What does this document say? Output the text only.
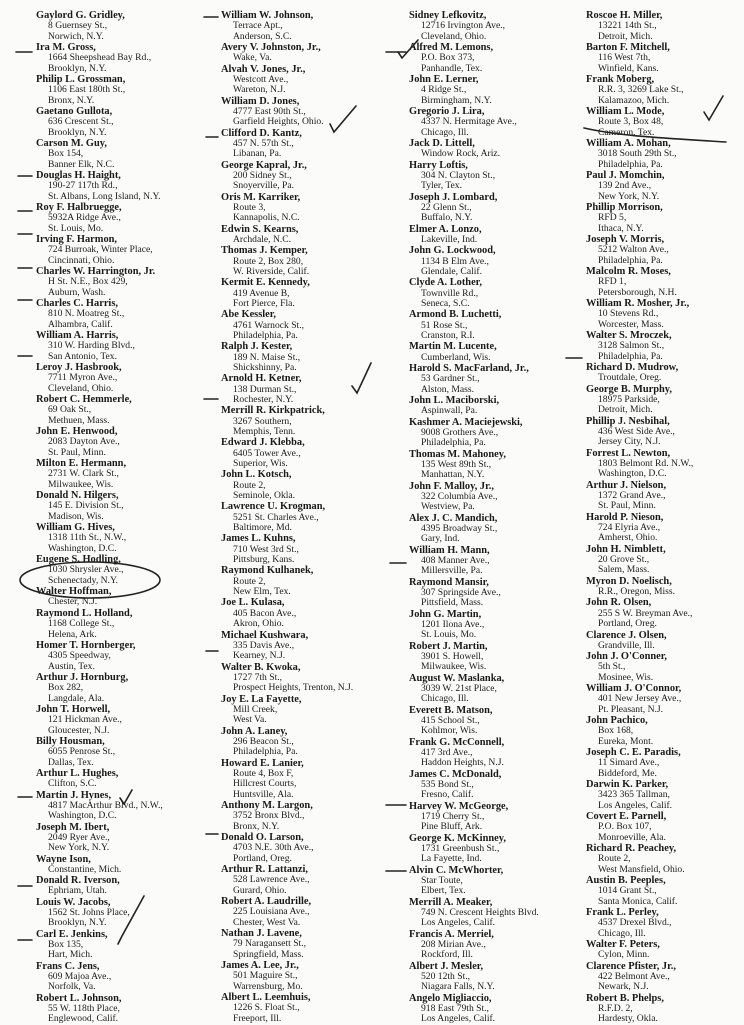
Gaylord G. Gridley,
8 Guernsey St.,
Norwich, N.Y.
Ira M. Gross,
1664 Sheepshead Bay Rd.,
Brooklyn, N.Y.
Philip L. Grossman,
1106 East 180th St.,
Bronx, N.Y.
Gaetano Gullota,
636 Crescent St.,
Brooklyn, N.Y.
Carson M. Guy,
Box 154,
Banner Elk, N.C.
Douglas H. Haight,
190-27 117th Rd.,
St. Albans, Long Island, N.Y.
Roy F. Halbruegge,
5932A Ridge Ave.,
St. Louis, Mo.
Irving F. Harmon,
724 Burroak, Winter Place,
Cincinnati, Ohio.
Charles W. Harrington, Jr.
H St. N.E., Box 429,
Auburn, Wash.
Charles C. Harris,
810 N. Moatreg St.,
Alhambra, Calif.
William A. Harris,
310 W. Harding Blvd.,
San Antonio, Tex.
Leroy J. Hasbrook,
7711 Myron Ave.,
Cleveland, Ohio.
Robert C. Hemmerle,
69 Oak St.,
Methuen, Mass.
John E. Henwood,
2083 Dayton Ave.,
St. Paul, Minn.
Milton E. Hermann,
2731 W. Clark St.,
Milwaukee, Wis.
Donald N. Hilgers,
145 E. Division St.,
Madison, Wis.
William G. Hives,
1318 11th St., N.W.,
Washington, D.C.
Eugene S. Hodling,
1030 Shrysler Ave.,
Schenectady, N.Y.
Walter Hoffman,
Chester, N.J.
Raymond L. Holland,
1168 College St.,
Helena, Ark.
Homer T. Hornberger,
4305 Speedway,
Austin, Tex.
Arthur J. Hornburg,
Box 282,
Langdale, Ala.
John T. Horwell,
121 Hickman Ave.,
Gloucester, N.J.
Billy Housman,
6055 Penrose St.,
Dallas, Tex.
Arthur L. Hughes,
Clifton, S.C.
Martin J. Hynes,
4817 MacArthur Blvd., N.W.,
Washington, D.C.
Joseph M. Ibert,
2049 Ryer Ave.,
New York, N.Y.
Wayne Ison,
Constantine, Mich.
Donald R. Iverson,
Ephriam, Utah.
Louis W. Jacobs,
1562 St. Johns Place,
Brooklyn, N.Y.
Carl E. Jenkins,
Box 135,
Hart, Mich.
Frans C. Jens,
609 Majoa Ave.,
Norfolk, Va.
Robert L. Johnson,
55 W. 118th Place,
Englewood, Calif.
William W. Johnson,
Terrace Apt.,
Anderson, S.C.
Avery V. Johnston, Jr.,
Wake, Va.
Alvah V. Jones, Jr.,
Westcott Ave.,
Wareton, N.J.
William D. Jones,
4777 East 90th St.,
Garfield Heights, Ohio.
Clifford D. Kantz,
457 N. 57th St.,
Libanan, Pa.
George Kapral, Jr.,
200 Sidney St.,
Snoyerville, Pa.
Oris M. Karriker,
Route 3,
Kannapolis, N.C.
Edwin S. Kearns,
Archdale, N.C.
Thomas J. Kemper,
Route 2, Box 280,
W. Riverside, Calif.
Kermit E. Kennedy,
419 Avenue B,
Fort Pierce, Fla.
Abe Kessler,
4761 Warnock St.,
Philadelphia, Pa.
Ralph J. Kester,
189 N. Maise St.,
Shickshinny, Pa.
Arnold H. Ketner,
138 Durman St.,
Rochester, N.Y.
Merrill R. Kirkpatrick,
3267 Southern,
Memphis, Tenn.
Edward J. Klebba,
6405 Tower Ave.,
Superior, Wis.
John L. Kotsch,
Route 2,
Seminole, Okla.
Lawrence U. Krogman,
5251 St. Charles Ave.,
Baltimore, Md.
James L. Kuhns,
710 West 3rd St.,
Pittsburg, Kans.
Raymond Kulhanek,
Route 2,
New Elm, Tex.
Joe L. Kulasa,
405 Bacon Ave.,
Akron, Ohio.
Michael Kushwara,
335 Davis Ave.,
Kearney, N.J.
Walter B. Kwoka,
1727 7th St.,
Prospect Heights, Trenton, N.J.
Joy E. La Fayette,
Mill Creek,
West Va.
John A. Laney,
296 Beacon St.,
Philadelphia, Pa.
Howard E. Lanier,
Route 4, Box F,
Hillcrest Courts,
Huntsville, Ala.
Anthony M. Largon,
3752 Bronx Blvd.,
Bronx, N.Y.
Donald O. Larson,
4703 N.E. 30th Ave.,
Portland, Oreg.
Arthur R. Lattanzi,
528 Lawrence Ave.,
Gurard, Ohio.
Robert A. Laudrille,
225 Louisiana Ave.,
Chester, West Va.
Nathan J. Lavene,
79 Naragansett St.,
Springfield, Mass.
James A. Lee, Jr.,
501 Maguire St.,
Warrensburg, Mo.
Albert L. Leemhuis,
1226 S. Float St.,
Freeport, Ill.
Sidney Lefkovitz,
12716 Irvington Ave.,
Cleveland, Ohio.
Alfred M. Lemons,
P.O. Box 373,
Panhandle, Tex.
John E. Lerner,
4 Ridge St.,
Birmingham, N.Y.
Gregorio J. Lira,
4337 N. Hermitage Ave.,
Chicago, Ill.
Jack D. Littell,
Window Rock, Ariz.
Harry Loftis,
304 N. Clayton St.,
Tyler, Tex.
Joseph J. Lombard,
22 Glenn St.,
Buffalo, N.Y.
Elmer A. Lonzo,
Lakeville, Ind.
John G. Lockwood,
1134 B Elm Ave.,
Glendale, Calif.
Clyde A. Lother,
Townville Rd.,
Seneca, S.C.
Armond B. Luchetti,
51 Rose St.,
Cranston, R.I.
Martin M. Lucente,
Cumberland, Wis.
Harold S. MacFarland, Jr.,
53 Gardner St.,
Alston, Mass.
John L. Maciborski,
Aspinwall, Pa.
Kashmer A. Maciejewski,
9008 Grothers Ave.,
Philadelphia, Pa.
Thomas M. Mahoney,
135 West 89th St.,
Manhattan, N.Y.
John F. Malloy, Jr.,
322 Columbia Ave.,
Westview, Pa.
Alex J. C. Mandich,
4395 Broadway St.,
Gary, Ind.
William H. Mann,
408 Manner Ave.,
Millersville, Pa.
Raymond Mansir,
307 Springside Ave.,
Pittsfield, Mass.
John G. Martin,
1201 Ilona Ave.,
St. Louis, Mo.
Robert J. Martin,
3901 S. Howell,
Milwaukee, Wis.
August W. Maslanka,
3039 W. 21st Place,
Chicago, Ill.
Everett B. Matson,
415 School St.,
Kohlmor, Wis.
Frank G. McConnell,
417 3rd Ave.,
Haddon Heights, N.J.
James C. McDonald,
535 Bond St.,
Fresno, Calif.
Harvey W. McGeorge,
1719 Cherry St.,
Pine Bluff, Ark.
George K. McKinney,
1731 Greenbush St.,
La Fayette, Ind.
Alvin C. McWhorter,
Star Toute,
Elbert, Tex.
Merrill A. Meaker,
749 N. Crescent Heights Blvd.
Los Angeles, Calif.
Francis A. Merriel,
208 Mirian Ave.,
Rockford, Ill.
Albert J. Mesler,
520 12th St.,
Niagara Falls, N.Y.
Angelo Migliaccio,
918 East 79th St.,
Los Angeles, Calif.
Roscoe H. Miller,
13221 14th St.,
Detroit, Mich.
Barton F. Mitchell,
116 West 7th,
Winfield, Kans.
Frank Moberg,
R.R. 3, 3269 Lake St.,
Kalamazoo, Mich.
William L. Mode,
Route 3, Box 48,
Cameron, Tex.
William A. Mohan,
3018 South 29th St.,
Philadelphia, Pa.
Paul J. Momchin,
139 2nd Ave.,
New York, N.Y.
Phillip Morrison,
RFD 5,
Ithaca, N.Y.
Joseph V. Morris,
5212 Walton Ave.,
Philadelphia, Pa.
Malcolm R. Moses,
RFD 1,
Petersborough, N.H.
William R. Mosher, Jr.,
10 Stevens Rd.,
Worcester, Mass.
Walter S. Mroczek,
3128 Salmon St.,
Philadelphia, Pa.
Richard D. Mudrow,
Troutdale, Oreg.
George B. Murphy,
18975 Parkside,
Detroit, Mich.
Phillip J. Nesbihal,
436 West Side Ave.,
Jersey City, N.J.
Forrest L. Newton,
1803 Belmont Rd. N.W.,
Washington, D.C.
Arthur J. Nielson,
1372 Grand Ave.,
St. Paul, Minn.
Harold P. Nieson,
724 Elyria Ave.,
Amherst, Ohio.
John H. Nimblett,
20 Grove St.,
Salem, Mass.
Myron D. Noelisch,
R.R., Oregon, Miss.
John R. Olsen,
255 S W. Breyman Ave.,
Portland, Oreg.
Clarence J. Olsen,
Grandville, Ill.
John J. O'Conner,
5th St.,
Mosinee, Wis.
William J. O'Connor,
401 New Jersey Ave.,
Pt. Pleasant, N.J.
John Pachico,
Box 168,
Eureka, Mont.
Joseph C. E. Paradis,
11 Simard Ave.,
Biddeford, Me.
Darwin K. Parker,
3423 365 Tallman,
Los Angeles, Calif.
Covert E. Parnell,
P.O. Box 107,
Monroeville, Ala.
Richard R. Peachey,
Route 2,
West Mansfield, Ohio.
Austin B. Peeples,
1014 Grant St.,
Santa Monica, Calif.
Frank L. Perley,
4537 Drexel Blvd.,
Chicago, Ill.
Walter F. Peters,
Cylon, Minn.
Clarence Pfister, Jr.,
422 Belmont Ave.,
Newark, N.J.
Robert B. Phelps,
R.F.D. 2,
Hardesty, Okla.
